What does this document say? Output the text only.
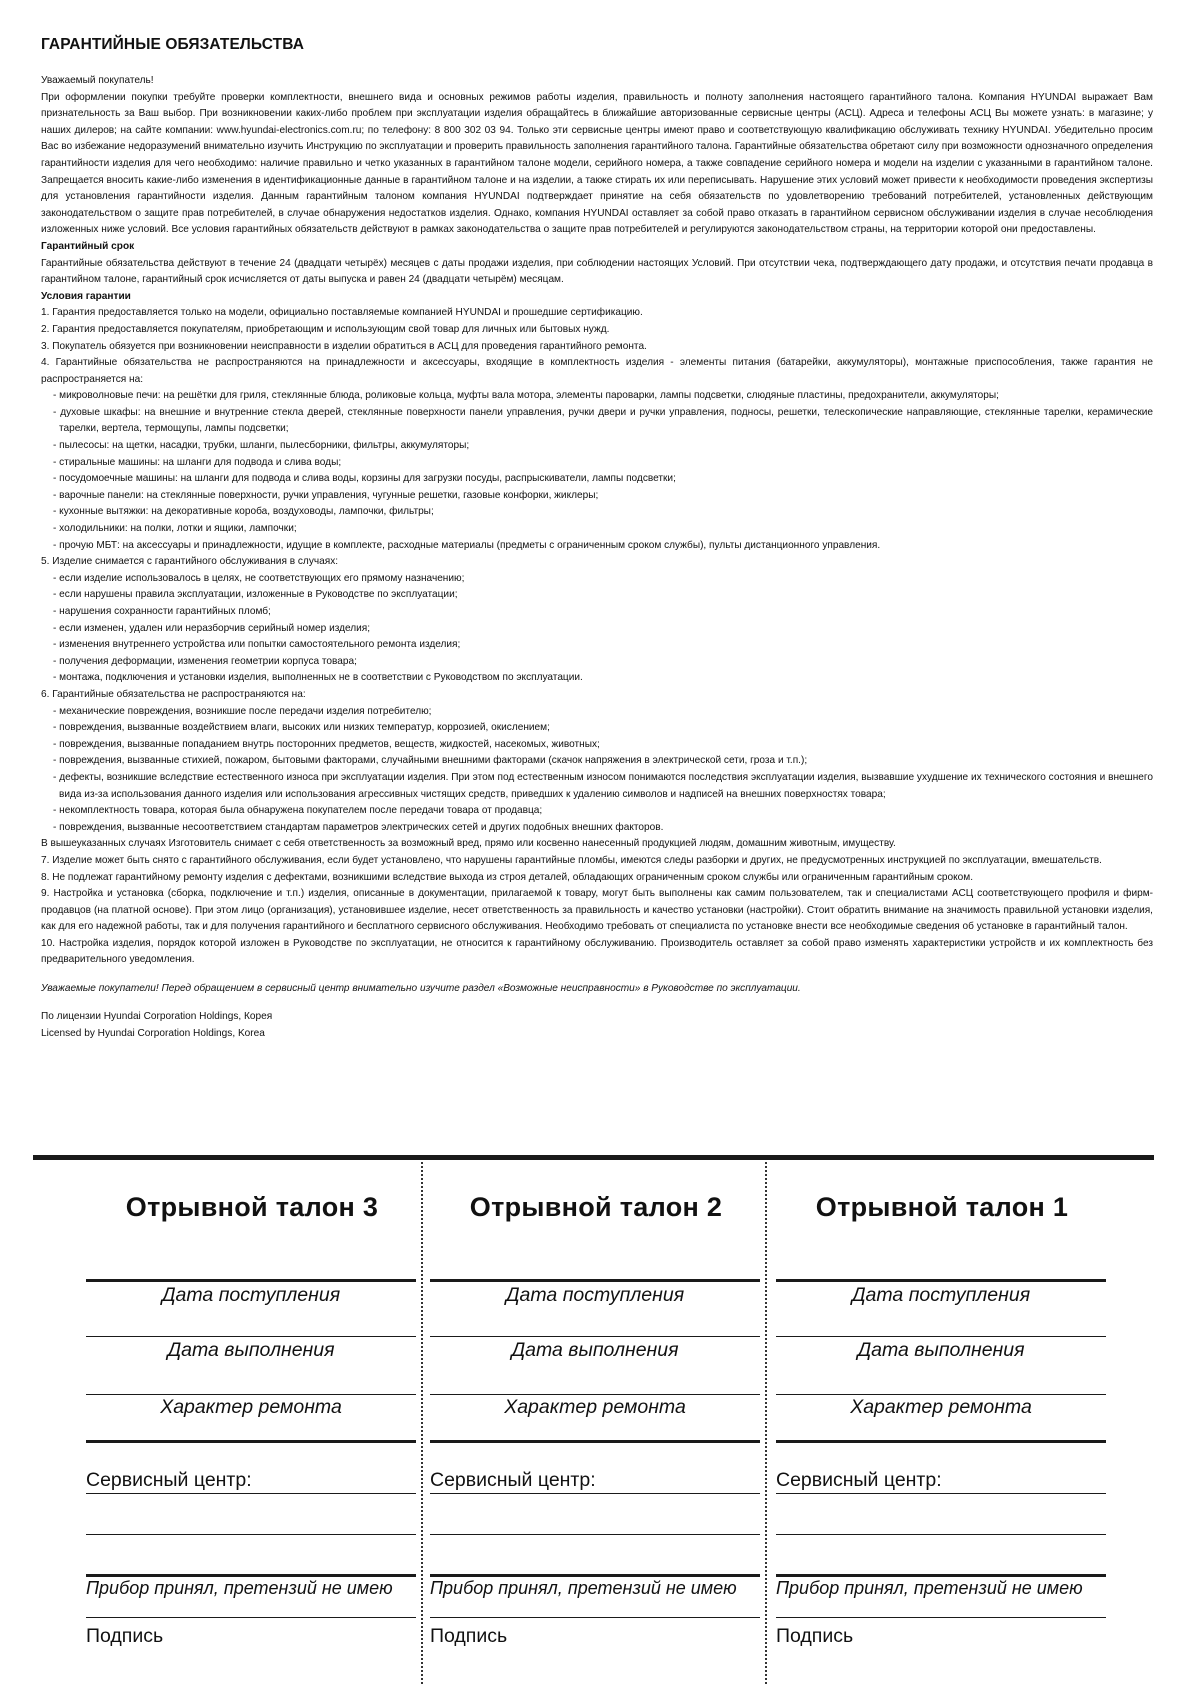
ГАРАНТИЙНЫЕ ОБЯЗАТЕЛЬСТВА

Уважаемый покупатель!

При оформлении покупки требуйте проверки комплектности, внешнего вида и основных режимов работы изделия, правильность и полноту заполнения настоящего гарантийного талона. Компания HYUNDAI выражает Вам признательность за Ваш выбор. При возникновении каких-либо проблем при эксплуатации изделия обращайтесь в ближайшие авторизованные сервисные центры (АСЦ). Адреса и телефоны АСЦ Вы можете узнать: в магазине; у наших дилеров; на сайте компании: www.hyundai-electronics.com.ru; по телефону: 8 800 302 03 94. Только эти сервисные центры имеют право и соответствующую квалификацию обслуживать технику HYUNDAI. Убедительно просим Вас во избежание недоразумений внимательно изучить Инструкцию по эксплуатации и проверить правильность заполнения гарантийного талона. Гарантийные обязательства обретают силу при возможности однозначного определения гарантийности изделия для чего необходимо: наличие правильно и четко указанных в гарантийном талоне модели, серийного номера, а также совпадение серийного номера и модели на изделии с указанными в гарантийном талоне. Запрещается вносить какие-либо изменения в идентификационные данные в гарантийном талоне и на изделии, а также стирать их или переписывать. Нарушение этих условий может привести к необходимости проведения экспертизы для установления гарантийности изделия. Данным гарантийным талоном компания HYUNDAI подтверждает принятие на себя обязательств по удовлетворению требований потребителей, установленных действующим законодательством о защите прав потребителей, в случае обнаружения недостатков изделия. Однако, компания HYUNDAI оставляет за собой право отказать в гарантийном сервисном обслуживании изделия в случае несоблюдения изложенных ниже условий. Все условия гарантийных обязательств действуют в рамках законодательства о защите прав потребителей и регулируются законодательством страны, на территории которой они предоставлены.

Гарантийный срок

Гарантийные обязательства действуют в течение 24 (двадцати четырёх) месяцев с даты продажи изделия, при соблюдении настоящих Условий. При отсутствии чека, подтверждающего дату продажи, и отсутствия печати продавца в гарантийном талоне, гарантийный срок исчисляется от даты выпуска и равен 24 (двадцати четырём) месяцам.

Условия гарантии

1. Гарантия предоставляется только на модели, официально поставляемые компанией HYUNDAI и прошедшие сертификацию.

2. Гарантия предоставляется покупателям, приобретающим и использующим свой товар для личных или бытовых нужд.

3. Покупатель обязуется при возникновении неисправности в изделии обратиться в АСЦ для проведения гарантийного ремонта.

4. Гарантийные обязательства не распространяются на принадлежности и аксессуары, входящие в комплектность изделия - элементы питания (батарейки, аккумуляторы), монтажные приспособления, также гарантия не распространяется на:

- микроволновые печи: на решётки для гриля, стеклянные блюда, роликовые кольца, муфты вала мотора, элементы пароварки, лампы подсветки, слюдяные пластины, предохранители, аккумуляторы;

- духовые шкафы: на внешние и внутренние стекла дверей, стеклянные поверхности панели управления, ручки двери и ручки управления, подносы, решетки, телескопические направляющие, стеклянные тарелки, керамические тарелки, вертела, термощупы, лампы подсветки;

- пылесосы: на щетки, насадки, трубки, шланги, пылесборники, фильтры, аккумуляторы;

- стиральные машины: на шланги для подвода и слива воды;

- посудомоечные машины: на шланги для подвода и слива воды, корзины для загрузки посуды, распрыскиватели, лампы подсветки;

- варочные панели: на стеклянные поверхности, ручки управления, чугунные решетки, газовые конфорки, жиклеры;

- кухонные вытяжки: на декоративные короба, воздуховоды, лампочки, фильтры;

- холодильники: на полки, лотки и ящики, лампочки;

- прочую МБТ: на аксессуары и принадлежности, идущие в комплекте, расходные материалы (предметы с ограниченным сроком службы), пульты дистанционного управления.

5. Изделие снимается с гарантийного обслуживания в случаях:

- если изделие использовалось в целях, не соответствующих его прямому назначению;

- если нарушены правила эксплуатации, изложенные в Руководстве по эксплуатации;

- нарушения сохранности гарантийных пломб;

- если изменен, удален или неразборчив серийный номер изделия;

- изменения внутреннего устройства или попытки самостоятельного ремонта изделия;

- получения деформации, изменения геометрии корпуса товара;

- монтажа, подключения и установки изделия, выполненных не в соответствии с Руководством по эксплуатации.

6. Гарантийные обязательства не распространяются на:

- механические повреждения, возникшие после передачи изделия потребителю;

- повреждения, вызванные воздействием влаги, высоких или низких температур, коррозией, окислением;

- повреждения, вызванные попаданием внутрь посторонних предметов, веществ, жидкостей, насекомых, животных;

- повреждения, вызванные стихией, пожаром, бытовыми факторами, случайными внешними факторами (скачок напряжения в электрической сети, гроза и т.п.);

- дефекты, возникшие вследствие естественного износа при эксплуатации изделия. При этом под естественным износом понимаются последствия эксплуатации изделия, вызвавшие ухудшение их технического состояния и внешнего вида из-за использования данного изделия или использования агрессивных чистящих средств, приведших к удалению символов и надписей на внешних поверхностях товара;

- некомплектность товара, которая была обнаружена покупателем после передачи товара от продавца;

- повреждения, вызванные несоответствием стандартам параметров электрических сетей и других подобных внешних факторов.

В вышеуказанных случаях Изготовитель снимает с себя ответственность за возможный вред, прямо или косвенно нанесенный продукцией людям, домашним животным, имуществу.

7. Изделие может быть снято с гарантийного обслуживания, если будет установлено, что нарушены гарантийные пломбы, имеются следы разборки и других, не предусмотренных инструкцией по эксплуатации, вмешательств.

8. Не подлежат гарантийному ремонту изделия с дефектами, возникшими вследствие выхода из строя деталей, обладающих ограниченным сроком службы или ограниченным гарантийным сроком.

9. Настройка и установка (сборка, подключение и т.п.) изделия, описанные в документации, прилагаемой к товару, могут быть выполнены как самим пользователем, так и специалистами АСЦ соответствующего профиля и фирм-продавцов (на платной основе). При этом лицо (организация), установившее изделие, несет ответственность за правильность и качество установки (настройки). Стоит обратить внимание на значимость правильной установки изделия, как для его надежной работы, так и для получения гарантийного и бесплатного сервисного обслуживания. Необходимо требовать от специалиста по установке внести все необходимые сведения об установке в гарантийный талон.

10. Настройка изделия, порядок которой изложен в Руководстве по эксплуатации, не относится к гарантийному обслуживанию. Производитель оставляет за собой право изменять характеристики устройств и их комплектность без предварительного уведомления.

Уважаемые покупатели! Перед обращением в сервисный центр внимательно изучите раздел «Возможные неисправности» в Руководстве по эксплуатации.
По лицензии Hyundai Corporation Holdings, Корея
Licensed by Hyundai Corporation Holdings, Korea
Отрывной талон 3
Дата поступления
Дата выполнения
Характер ремонта
Сервисный центр:
Прибор принял, претензий не имею
Подпись
Отрывной талон 2
Дата поступления
Дата выполнения
Характер ремонта
Сервисный центр:
Прибор принял, претензий не имею
Подпись
Отрывной талон 1
Дата поступления
Дата выполнения
Характер ремонта
Сервисный центр:
Прибор принял, претензий не имею
Подпись
